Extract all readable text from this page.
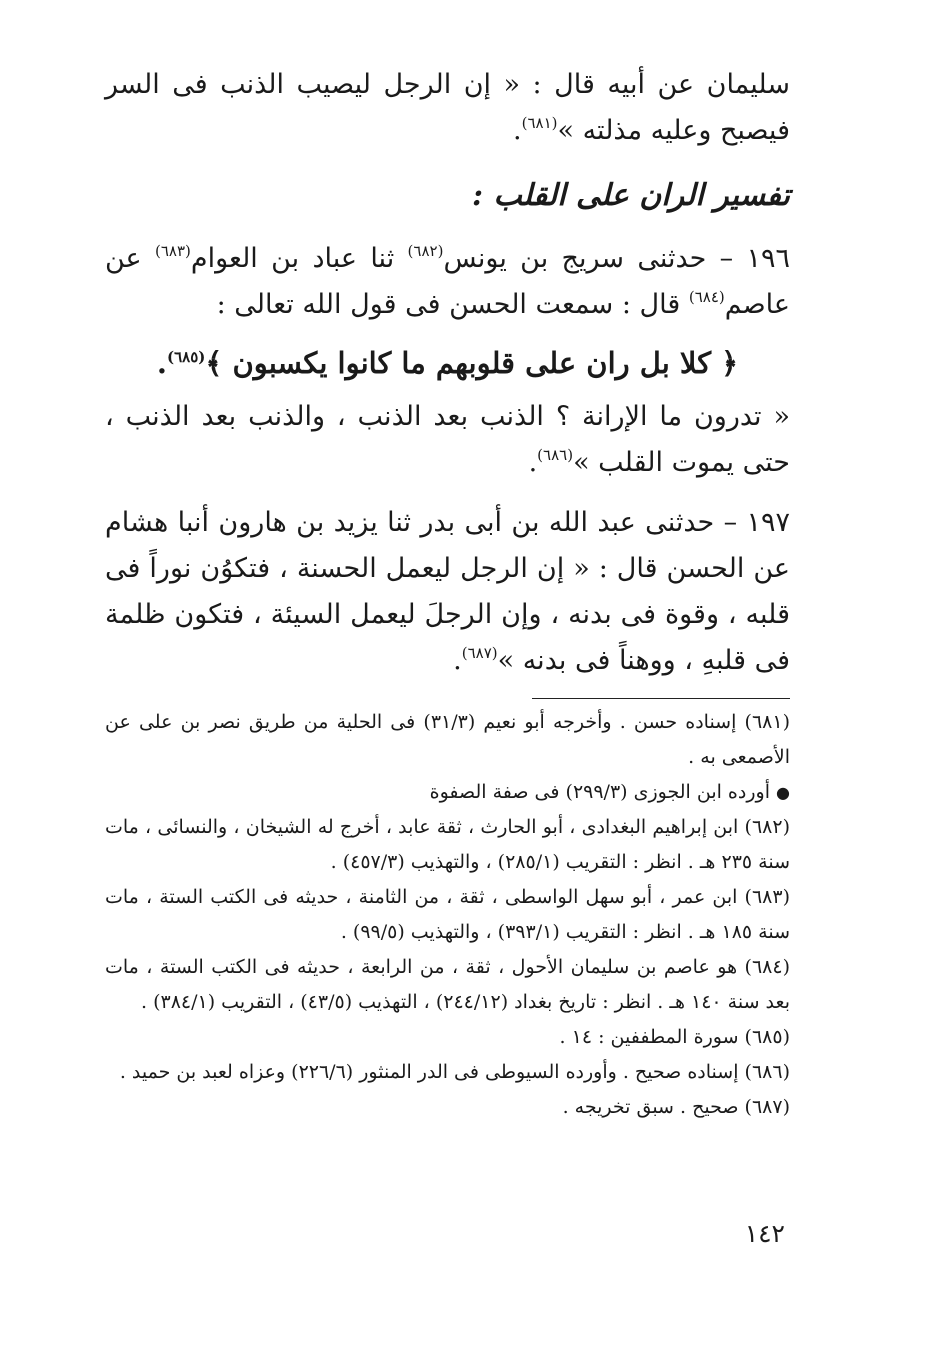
سليمان عن أبيه قال : « إن الرجل ليصيب الذنب فى السر فيصبح وعليه مذلته »$^{(٦٨١)}$.

تفسير الران على القلب :

١٩٦ – حدثنى سريج بن يونس$^{(٦٨٢)}$ ثنا عباد بن العوام$^{(٦٨٣)}$ عن عاصم$^{(٦٨٤)}$ قال : سمعت الحسن فى قول الله تعالى :

﴿ كلا بل ران على قلوبهم ما كانوا يكسبون ﴾$^{(٦٨٥)}$.

« تدرون ما الإرانة ؟ الذنب بعد الذنب ، والذنب بعد الذنب ، حتى يموت القلب »$^{(٦٨٦)}$.

١٩٧ – حدثنى عبد الله بن أبى بدر ثنا يزيد بن هارون أنبا هشام عن الحسن قال : « إن الرجل ليعمل الحسنة ، فتكوُن نوراً فى قلبه ، وقوة فى بدنه ، وإن الرجلَ ليعمل السيئة ، فتكون ظلمة فى قلبهِ ، ووهناً فى بدنه »$^{(٦٨٧)}$.

(٦٨١) إسناده حسن . وأخرجه أبو نعيم (٣١/٣) فى الحلية من طريق نصر بن على عن الأصمعى به .

● أورده ابن الجوزى (٢٩٩/٣) فى صفة الصفوة

(٦٨٢) ابن إبراهيم البغدادى ، أبو الحارث ، ثقة عابد ، أخرج له الشيخان ، والنسائى ، مات سنة ٢٣٥ هـ . انظر : التقريب (٢٨٥/١) ، والتهذيب (٤٥٧/٣) .

(٦٨٣) ابن عمر ، أبو سهل الواسطى ، ثقة ، من الثامنة ، حديثه فى الكتب الستة ، مات سنة ١٨٥ هـ . انظر : التقريب (٣٩٣/١) ، والتهذيب (٩٩/٥) .

(٦٨٤) هو عاصم بن سليمان الأحول ، ثقة ، من الرابعة ، حديثه فى الكتب الستة ، مات بعد سنة ١٤٠ هـ . انظر : تاريخ بغداد (٢٤٤/١٢) ، التهذيب (٤٣/٥) ، التقريب (٣٨٤/١) .

(٦٨٥) سورة المطففين : ١٤ .

(٦٨٦) إسناده صحيح . وأورده السيوطى فى الدر المنثور (٢٢٦/٦) وعزاه لعبد بن حميد .

(٦٨٧) صحيح . سبق تخريجه .

١٤٢
